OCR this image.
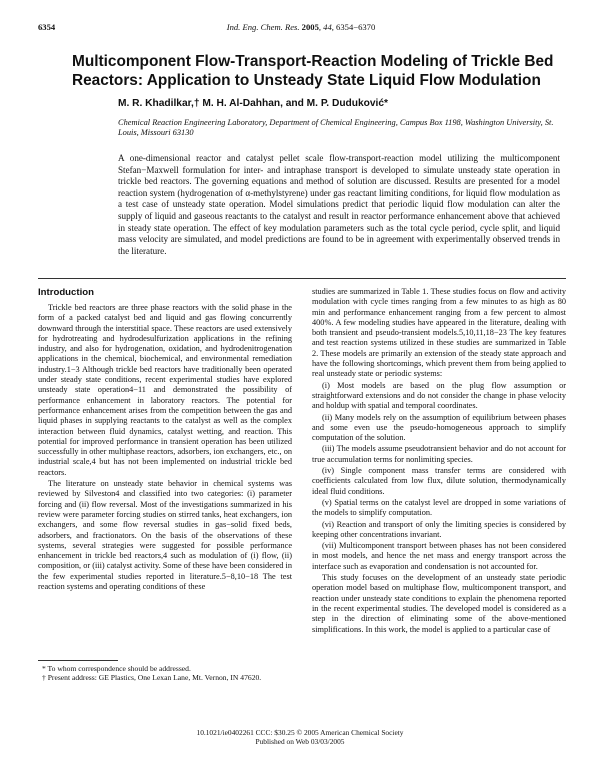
6354	Ind. Eng. Chem. Res. 2005, 44, 6354−6370
Multicomponent Flow-Transport-Reaction Modeling of Trickle Bed Reactors: Application to Unsteady State Liquid Flow Modulation
M. R. Khadilkar,† M. H. Al-Dahhan, and M. P. Duduković*
Chemical Reaction Engineering Laboratory, Department of Chemical Engineering, Campus Box 1198, Washington University, St. Louis, Missouri 63130

A one-dimensional reactor and catalyst pellet scale flow-transport-reaction model utilizing the multicomponent Stefan−Maxwell formulation for inter- and intraphase transport is developed to simulate unsteady state operation in trickle bed reactors. The governing equations and method of solution are discussed. Results are presented for a model reaction system (hydrogenation of α-methylstyrene) under gas reactant limiting conditions, for liquid flow modulation as a test case of unsteady state operation. Model simulations predict that periodic liquid flow modulation can alter the supply of liquid and gaseous reactants to the catalyst and result in reactor performance enhancement above that achieved in steady state operation. The effect of key modulation parameters such as the total cycle period, cycle split, and liquid mass velocity are simulated, and model predictions are found to be in agreement with experimentally observed trends in the literature.

Introduction

Trickle bed reactors are three phase reactors with the solid phase in the form of a packed catalyst bed and liquid and gas flowing concurrently downward through the interstitial space. These reactors are used extensively for hydrotreating and hydrodesulfurization applications in the refining industry, and also for hydrogenation, oxidation, and hydrodenitrogenation applications in the chemical, biochemical, and environmental remediation industry.1−3 Although trickle bed reactors have traditionally been operated under steady state conditions, recent experimental studies have explored unsteady state operation4−11 and demonstrated the possibility of performance enhancement in laboratory reactors. The potential for performance enhancement arises from the competition between the gas and liquid phases in supplying reactants to the catalyst as well as the complex interaction between fluid dynamics, catalyst wetting, and reaction. This potential for improved performance in transient operation has been utilized successfully in other multiphase reactors, adsorbers, ion exchangers, etc., on industrial scale,4 but has not been implemented on industrial trickle bed reactors.

The literature on unsteady state behavior in chemical systems was reviewed by Silveston4 and classified into two categories: (i) parameter forcing and (ii) flow reversal. Most of the investigations summarized in his review were parameter forcing studies on stirred tanks, heat exchangers, ion exchangers, and some flow reversal studies in gas−solid fixed beds, adsorbers, and fractionators. On the basis of the observations of these systems, several strategies were suggested for possible performance enhancement in trickle bed reactors,4 such as modulation of (i) flow, (ii) composition, or (iii) catalyst activity. Some of these have been considered in the few experimental studies reported in literature.5−8,10−18 The test reaction systems and operating conditions of these

studies are summarized in Table 1. These studies focus on flow and activity modulation with cycle times ranging from a few minutes to as high as 80 min and performance enhancement ranging from a few percent to almost 400%. A few modeling studies have appeared in the literature, dealing with both transient and pseudo-transient models.5,10,11,18−23 The key features and test reaction systems utilized in these studies are summarized in Table 2. These models are primarily an extension of the steady state approach and have the following shortcomings, which prevent them from being applied to real unsteady state or periodic systems:

(i) Most models are based on the plug flow assumption or straightforward extensions and do not consider the change in phase velocity and holdup with spatial and temporal coordinates.

(ii) Many models rely on the assumption of equilibrium between phases and some even use the pseudo-homogeneous approach to simplify computation of the solution.

(iii) The models assume pseudotransient behavior and do not account for true accumulation terms for nonlimiting species.

(iv) Single component mass transfer terms are considered with coefficients calculated from low flux, dilute solution, thermodynamically ideal fluid conditions.

(v) Spatial terms on the catalyst level are dropped in some variations of the models to simplify computation.

(vi) Reaction and transport of only the limiting species is considered by keeping other concentrations invariant.

(vii) Multicomponent transport between phases has not been considered in most models, and hence the net mass and energy transport across the interface such as evaporation and condensation is not accounted for.

This study focuses on the development of an unsteady state periodic operation model based on multiphase flow, multicomponent transport, and reaction under unsteady state conditions to explain the phenomena reported in the recent experimental studies. The developed model is considered as a step in the direction of eliminating some of the above-mentioned simplifications. In this work, the model is applied to a particular case of

* To whom correspondence should be addressed.
† Present address: GE Plastics, One Lexan Lane, Mt. Vernon, IN 47620.
10.1021/ie0402261 CCC: $30.25 © 2005 American Chemical Society
Published on Web 03/03/2005
